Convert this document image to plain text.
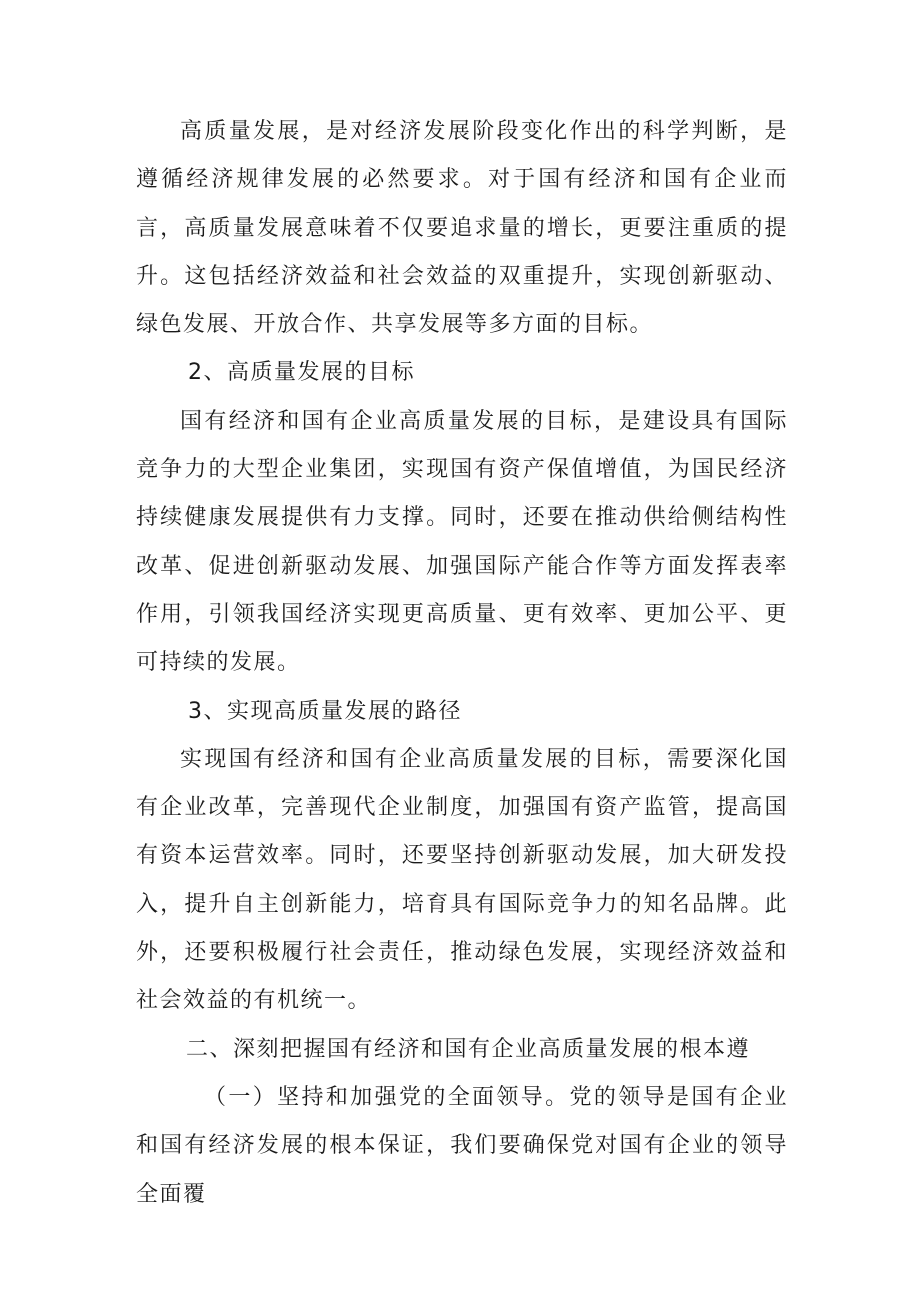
高质量发展，是对经济发展阶段变化作出的科学判断，是遵循经济规律发展的必然要求。对于国有经济和国有企业而言，高质量发展意味着不仅要追求量的增长，更要注重质的提升。这包括经济效益和社会效益的双重提升，实现创新驱动、绿色发展、开放合作、共享发展等多方面的目标。

2、高质量发展的目标

国有经济和国有企业高质量发展的目标，是建设具有国际竞争力的大型企业集团，实现国有资产保值增值，为国民经济持续健康发展提供有力支撑。同时，还要在推动供给侧结构性改革、促进创新驱动发展、加强国际产能合作等方面发挥表率作用，引领我国经济实现更高质量、更有效率、更加公平、更可持续的发展。

3、实现高质量发展的路径

实现国有经济和国有企业高质量发展的目标，需要深化国有企业改革，完善现代企业制度，加强国有资产监管，提高国有资本运营效率。同时，还要坚持创新驱动发展，加大研发投入，提升自主创新能力，培育具有国际竞争力的知名品牌。此外，还要积极履行社会责任，推动绿色发展，实现经济效益和社会效益的有机统一。

二、深刻把握国有经济和国有企业高质量发展的根本遵

（一）坚持和加强党的全面领导。党的领导是国有企业和国有经济发展的根本保证，我们要确保党对国有企业的领导全面覆
